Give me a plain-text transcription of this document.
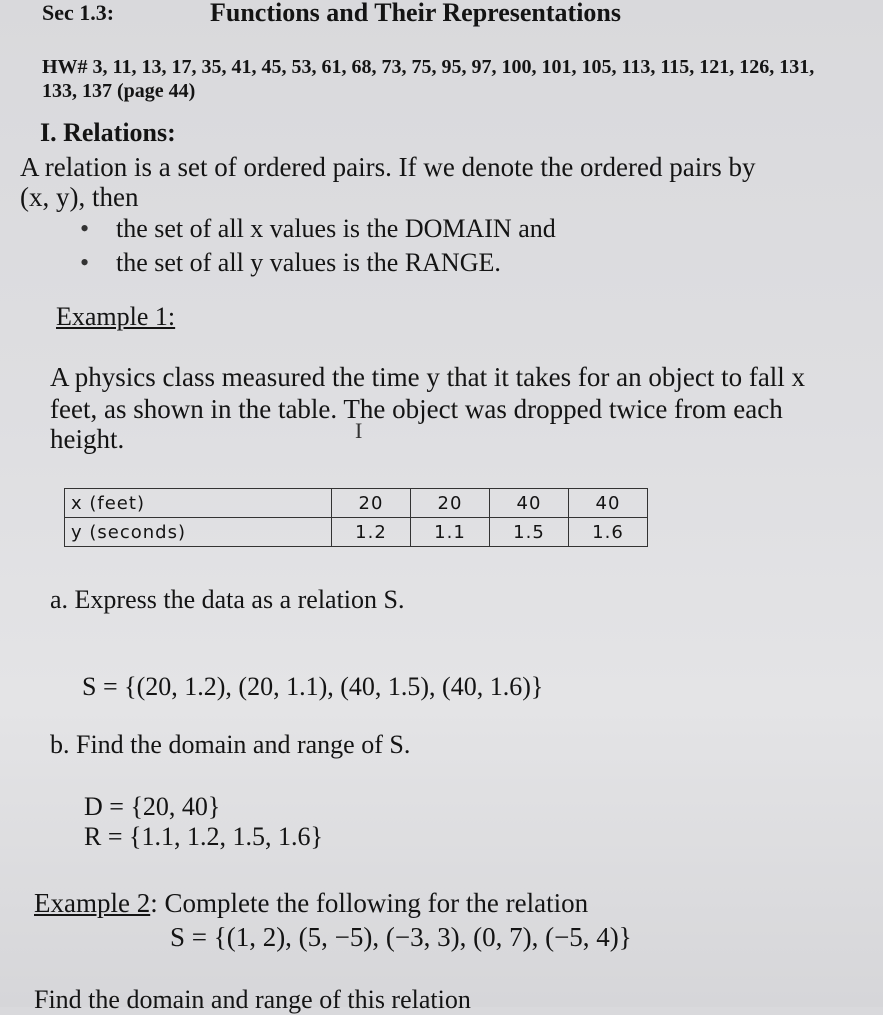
Sec 1.3:	Functions and Their Representations
HW# 3, 11, 13, 17, 35, 41, 45, 53, 61, 68, 73, 75, 95, 97, 100, 101, 105, 113, 115, 121, 126, 131,
133, 137 (page 44)
I. Relations:
A relation is a set of ordered pairs. If we denote the ordered pairs by
(x, y), then
• the set of all x values is the DOMAIN and
• the set of all y values is the RANGE.
Example 1:
A physics class measured the time y that it takes for an object to fall x
feet, as shown in the table. The object was dropped twice from each
height.	I
x (feet)	20	20	40	40
y (seconds)	1.2	1.1	1.5	1.6
a. Express the data as a relation S.
S = {(20, 1.2), (20, 1.1), (40, 1.5), (40, 1.6)}
b. Find the domain and range of S.
D = {20, 40}
R = {1.1, 1.2, 1.5, 1.6}
Example 2: Complete the following for the relation
S = {(1, 2), (5, −5), (−3, 3), (0, 7), (−5, 4)}
Find the domain and range of this relation
